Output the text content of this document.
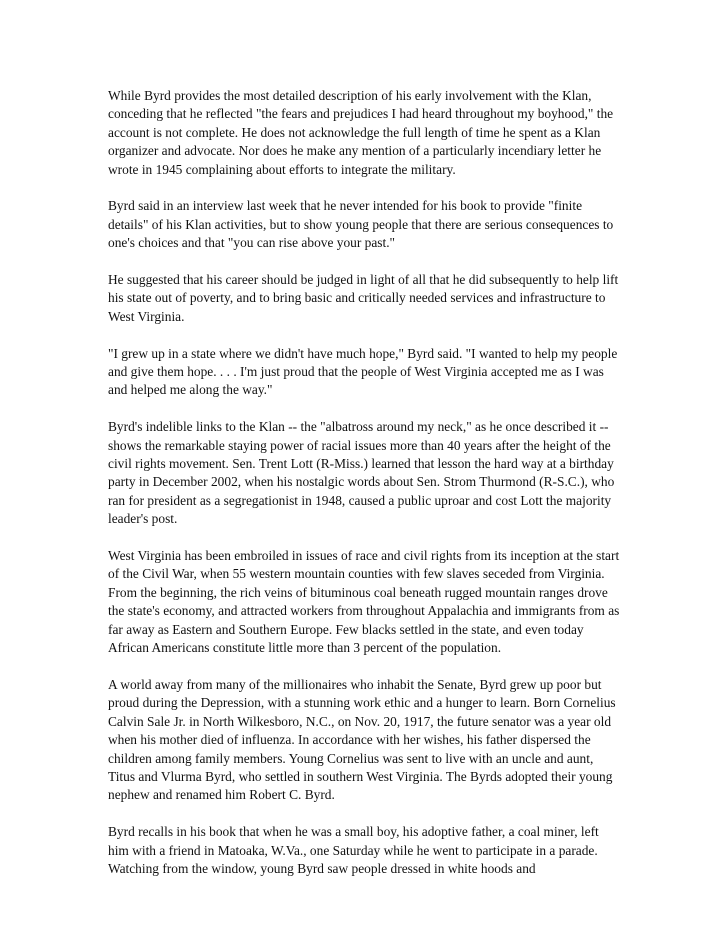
While Byrd provides the most detailed description of his early involvement with the Klan, conceding that he reflected "the fears and prejudices I had heard throughout my boyhood," the account is not complete. He does not acknowledge the full length of time he spent as a Klan organizer and advocate. Nor does he make any mention of a particularly incendiary letter he wrote in 1945 complaining about efforts to integrate the military.

Byrd said in an interview last week that he never intended for his book to provide "finite details" of his Klan activities, but to show young people that there are serious consequences to one's choices and that "you can rise above your past."

He suggested that his career should be judged in light of all that he did subsequently to help lift his state out of poverty, and to bring basic and critically needed services and infrastructure to West Virginia.

"I grew up in a state where we didn't have much hope," Byrd said. "I wanted to help my people and give them hope. . . . I'm just proud that the people of West Virginia accepted me as I was and helped me along the way."

Byrd's indelible links to the Klan -- the "albatross around my neck," as he once described it -- shows the remarkable staying power of racial issues more than 40 years after the height of the civil rights movement. Sen. Trent Lott (R-Miss.) learned that lesson the hard way at a birthday party in December 2002, when his nostalgic words about Sen. Strom Thurmond (R-S.C.), who ran for president as a segregationist in 1948, caused a public uproar and cost Lott the majority leader's post.

West Virginia has been embroiled in issues of race and civil rights from its inception at the start of the Civil War, when 55 western mountain counties with few slaves seceded from Virginia. From the beginning, the rich veins of bituminous coal beneath rugged mountain ranges drove the state's economy, and attracted workers from throughout Appalachia and immigrants from as far away as Eastern and Southern Europe. Few blacks settled in the state, and even today African Americans constitute little more than 3 percent of the population.

A world away from many of the millionaires who inhabit the Senate, Byrd grew up poor but proud during the Depression, with a stunning work ethic and a hunger to learn. Born Cornelius Calvin Sale Jr. in North Wilkesboro, N.C., on Nov. 20, 1917, the future senator was a year old when his mother died of influenza. In accordance with her wishes, his father dispersed the children among family members. Young Cornelius was sent to live with an uncle and aunt, Titus and Vlurma Byrd, who settled in southern West Virginia. The Byrds adopted their young nephew and renamed him Robert C. Byrd.

Byrd recalls in his book that when he was a small boy, his adoptive father, a coal miner, left him with a friend in Matoaka, W.Va., one Saturday while he went to participate in a parade. Watching from the window, young Byrd saw people dressed in white hoods and
